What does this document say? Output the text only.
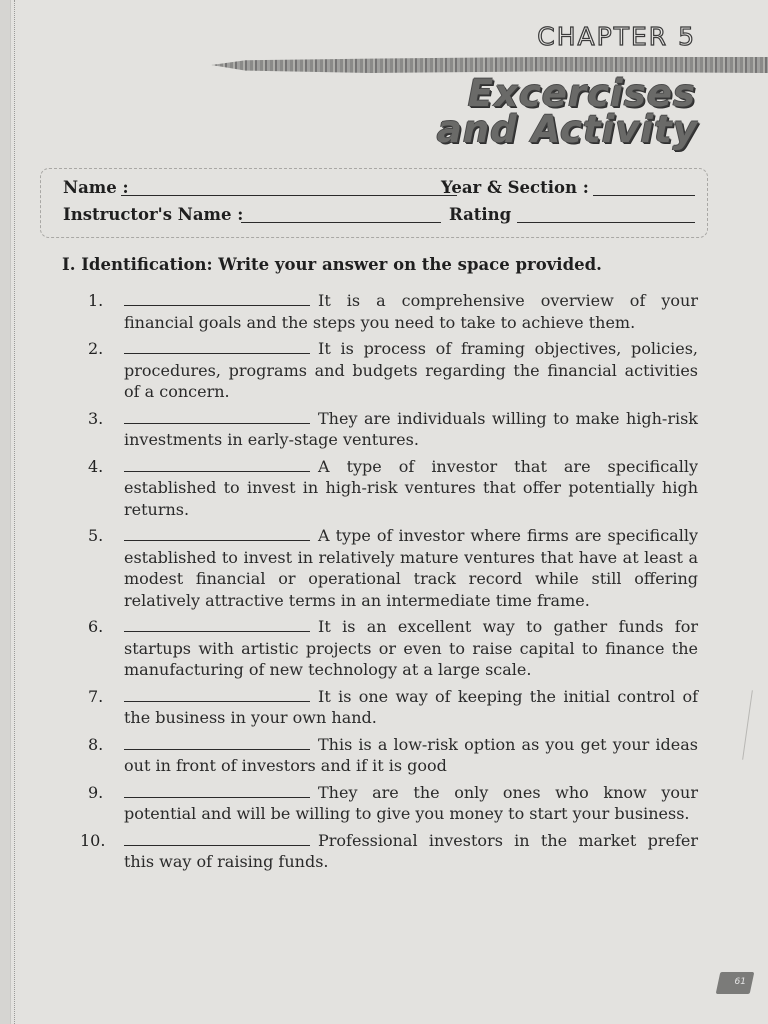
CHAPTER 5
Excercises
and Activity
Name :	Year & Section :
Instructor's Name :	Rating
I. Identification: Write your answer on the space provided.
1.	It is a comprehensive overview of your financial goals and the steps you need to take to achieve them.
2.	It is process of framing objectives, policies, procedures, programs and budgets regarding the financial activities of a concern.
3.	They are individuals willing to make high-risk investments in early-stage ventures.
4.	A type of investor that are specifically established to invest in high-risk ventures that offer potentially high returns.
5.	A type of investor where firms are specifically established to invest in relatively mature ventures that have at least a modest financial or operational track record while still offering relatively attractive terms in an intermediate time frame.
6.	It is an excellent way to gather funds for startups with artistic projects or even to raise capital to finance the manufacturing of new technology at a large scale.
7.	It is one way of keeping the initial control of the business in your own hand.
8.	This is a low-risk option as you get your ideas out in front of investors and if it is good
9.	They are the only ones who know your potential and will be willing to give you money to start your business.
10.	Professional investors in the market prefer this way of raising funds.
61
